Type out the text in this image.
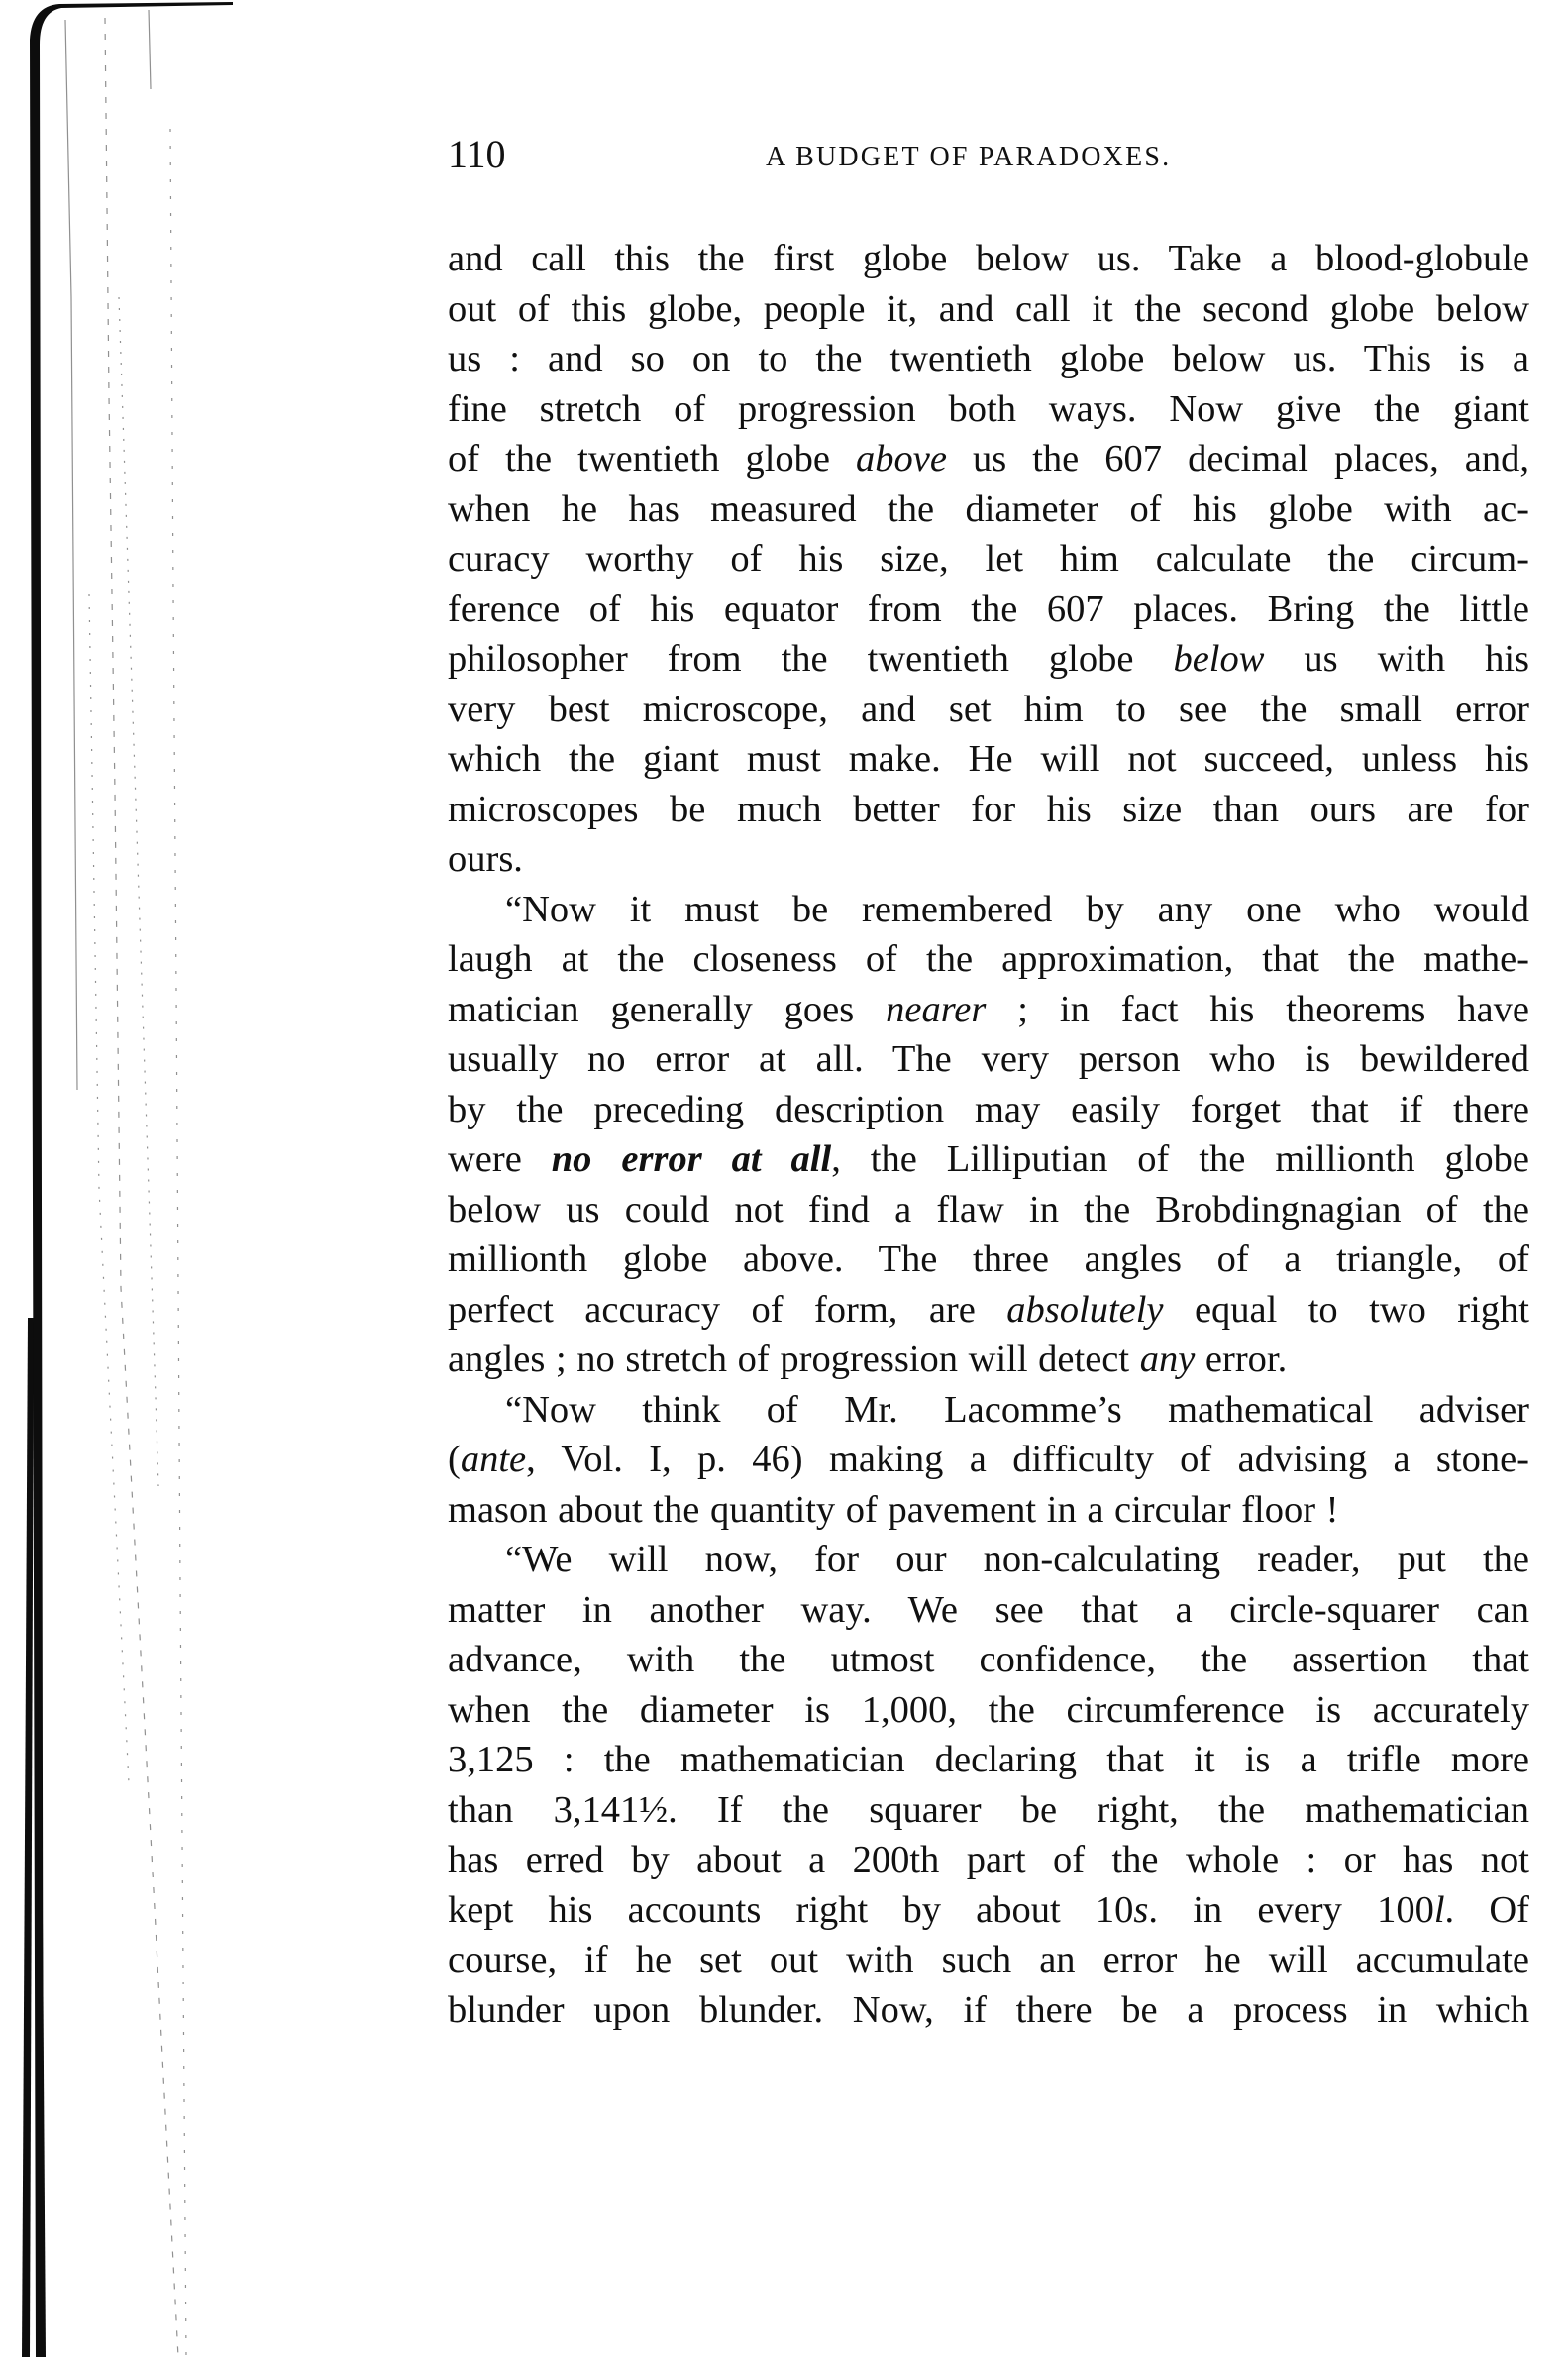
110	A BUDGET OF PARADOXES.
and call this the first globe below us. Take a blood-globule
out of this globe, people it, and call it the second globe below
us : and so on to the twentieth globe below us. This is a
fine stretch of progression both ways. Now give the giant
of the twentieth globe above us the 607 decimal places, and,
when he has measured the diameter of his globe with ac-
curacy worthy of his size, let him calculate the circum-
ference of his equator from the 607 places. Bring the little
philosopher from the twentieth globe below us with his
very best microscope, and set him to see the small error
which the giant must make. He will not succeed, unless his
microscopes be much better for his size than ours are for
ours.
“Now it must be remembered by any one who would
laugh at the closeness of the approximation, that the mathe-
matician generally goes nearer ; in fact his theorems have
usually no error at all. The very person who is bewildered
by the preceding description may easily forget that if there
were no error at all, the Lilliputian of the millionth globe
below us could not find a flaw in the Brobdingnagian of the
millionth globe above. The three angles of a triangle, of
perfect accuracy of form, are absolutely equal to two right
angles ; no stretch of progression will detect any error.
“Now think of Mr. Lacomme’s mathematical adviser
(ante, Vol. I, p. 46) making a difficulty of advising a stone-
mason about the quantity of pavement in a circular floor !
“We will now, for our non-calculating reader, put the
matter in another way. We see that a circle-squarer can
advance, with the utmost confidence, the assertion that
when the diameter is 1,000, the circumference is accurately
3,125 : the mathematician declaring that it is a trifle more
than 3,141½. If the squarer be right, the mathematician
has erred by about a 200th part of the whole : or has not
kept his accounts right by about 10s. in every 100l. Of
course, if he set out with such an error he will accumulate
blunder upon blunder. Now, if there be a process in which
